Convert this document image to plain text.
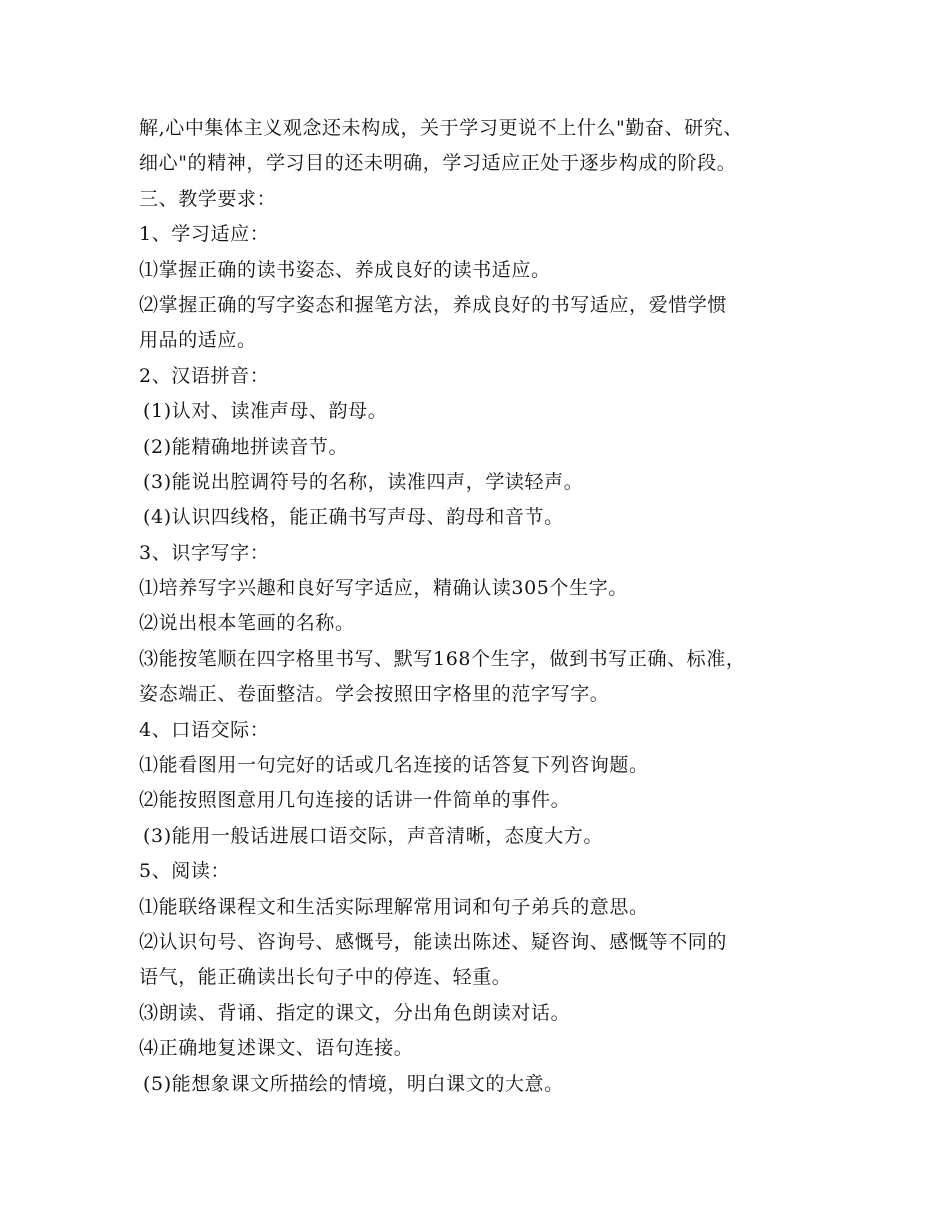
解,心中集体主义观念还未构成，关于学习更说不上什么"勤奋、研究、
细心"的精神，学习目的还未明确，学习适应正处于逐步构成的阶段。
三、教学要求：
1、学习适应：
⑴掌握正确的读书姿态、养成良好的读书适应。
⑵掌握正确的写字姿态和握笔方法，养成良好的书写适应，爱惜学惯
用品的适应。
2、汉语拼音：
(1)认对、读准声母、韵母。
(2)能精确地拼读音节。
(3)能说出腔调符号的名称，读准四声，学读轻声。
(4)认识四线格，能正确书写声母、韵母和音节。
3、识字写字：
⑴培养写字兴趣和良好写字适应，精确认读305个生字。
⑵说出根本笔画的名称。
⑶能按笔顺在四字格里书写、默写168个生字，做到书写正确、标准，
姿态端正、卷面整洁。学会按照田字格里的范字写字。
4、口语交际：
⑴能看图用一句完好的话或几名连接的话答复下列咨询题。
⑵能按照图意用几句连接的话讲一件简单的事件。
(3)能用一般话进展口语交际，声音清晰，态度大方。
5、阅读：
⑴能联络课程文和生活实际理解常用词和句子弟兵的意思。
⑵认识句号、咨询号、感慨号，能读出陈述、疑咨询、感慨等不同的
语气，能正确读出长句子中的停连、轻重。
⑶朗读、背诵、指定的课文，分出角色朗读对话。
⑷正确地复述课文、语句连接。
(5)能想象课文所描绘的情境，明白课文的大意。
